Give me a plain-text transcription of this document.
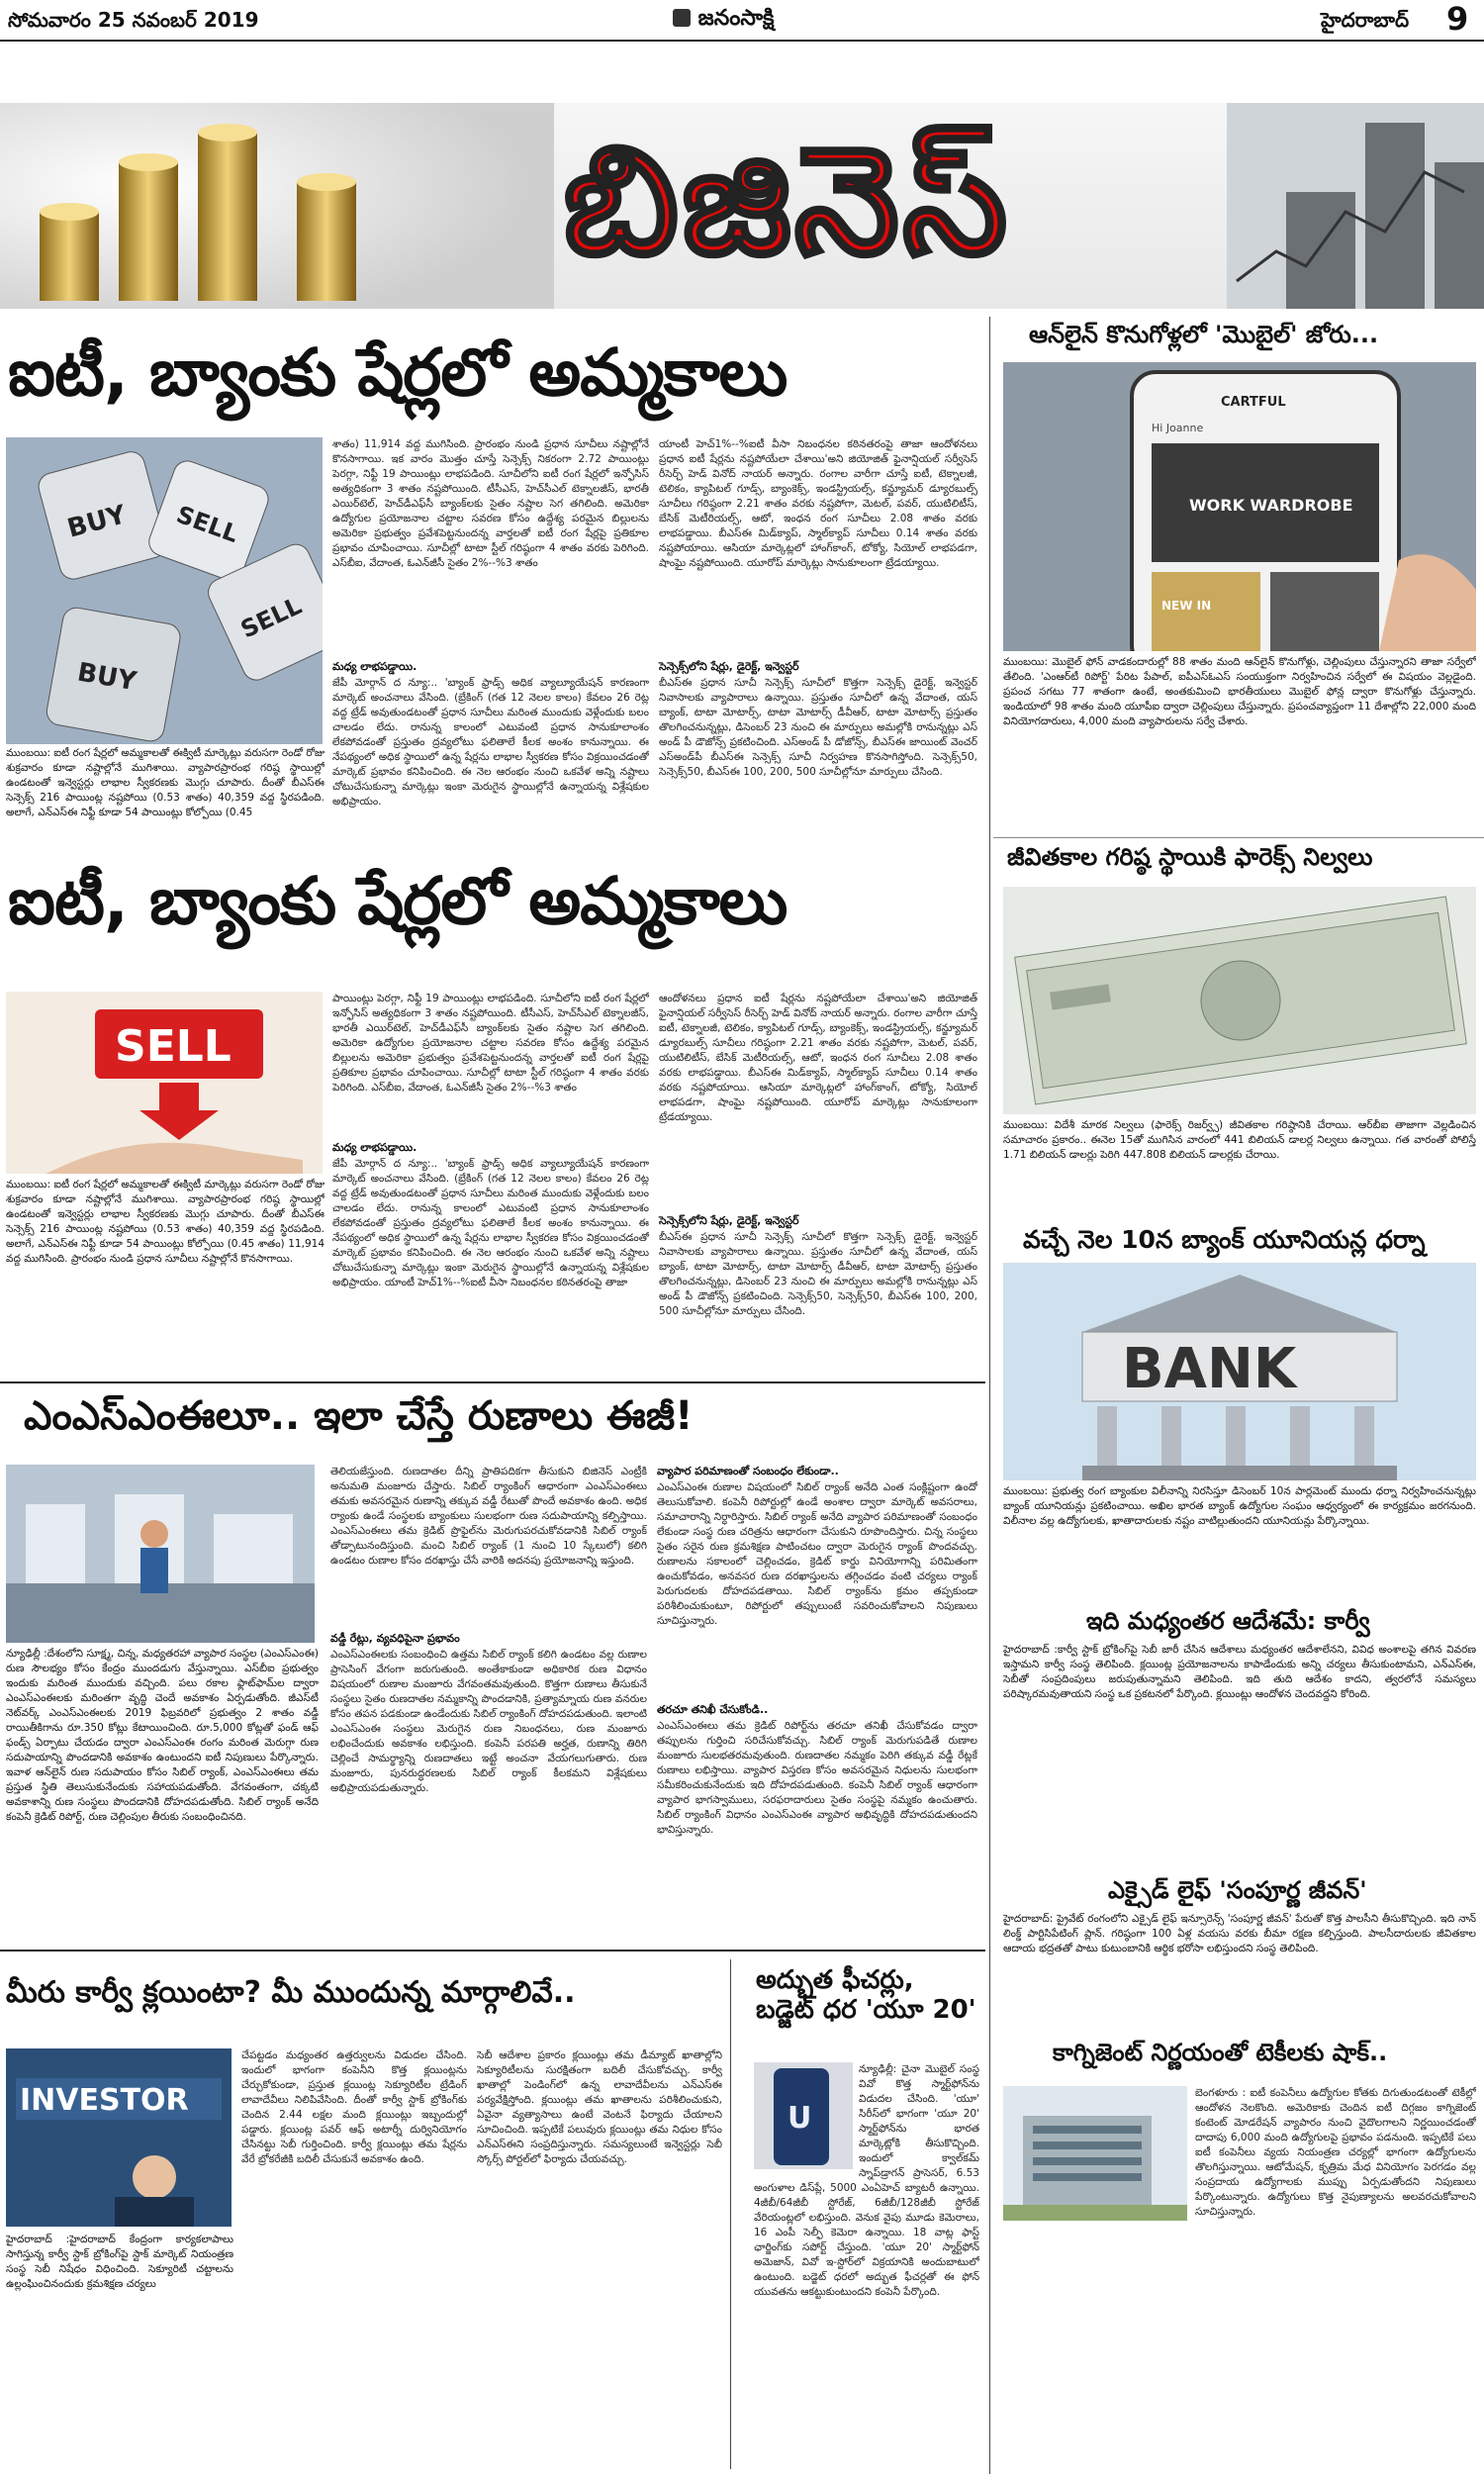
సోమవారం 25 నవంబర్ 2019	జనంసాక్షి	హైదరాబాద్ 9
బిజినెస్
ఐటీ, బ్యాంకు షేర్లలో అమ్మకాలు
BUY SELL
BUY
SELL
ముంబయి: ఐటీ రంగ షేర్లలో అమ్మకాలతో ఈక్విటీ మార్కెట్లు వరుసగా రెండో రోజు శుక్రవారం కూడా నష్టాల్లోనే ముగిశాయి. వ్యాపారప్రారంభ గరిష్ఠ స్థాయిల్లో ఉండటంతో ఇన్వెస్టర్లు లాభాల స్వీకరణకు మొగ్గు చూపారు. దీంతో బీఎస్‌ఈ సెన్సెక్స్‌ 216 పాయింట్ల నష్టపోయి (0.53 శాతం) 40,359 వద్ద స్థిరపడింది. అలాగే, ఎన్‌ఎస్‌ఈ నిఫ్టీ కూడా 54 పాయింట్లు కోల్పోయి (0.45
శాతం) 11,914 వద్ద ముగిసింది. ప్రారంభం నుండి ప్రధాన సూచీలు నష్టాల్లోనే కొనసాగాయి. ఇక వారం మొత్తం చూస్తే సెన్సెక్స్‌ నికరంగా 2.72 పాయింట్లు పెరగ్గా, నిఫ్టీ 19 పాయింట్లు లాభపడింది. సూచీలోని ఐటీ రంగ షేర్లలో ఇన్ఫోసిస్‌ అత్యధికంగా 3 శాతం నష్టపోయింది. టీసీఎస్‌, హెచ్‌సీఎల్‌ టెక్నాలజీస్‌, భారతీ ఎయిర్‌టెల్‌, హెచ్‌డీఎఫ్‌సీ బ్యాంక్‌లకు సైతం నష్టాల సెగ తగిలింది. అమెరికా ఉద్యోగుల ప్రయోజనాల చట్టాల సవరణ కోసం ఉద్దేశ్య పరమైన బిల్లులను అమెరికా ప్రభుత్వం ప్రవేశపెట్టనుందన్న వార్తలతో ఐటీ రంగ షేర్లపై ప్రతికూల ప్రభావం చూపించాయి. సూచీల్లో టాటా స్టీల్‌ గరిష్ఠంగా 4 శాతం వరకు పెరిగింది. ఎస్‌బీఐ, వేదాంత, ఓఎన్‌జీసీ సైతం 2%--%3 శాతం
మధ్య లాభపడ్డాయి.
జేపీ మోర్గాన్‌ ద న్యూ:.. 'బ్యాంక్‌ ఫ్రాడ్స్‌ అధిక వ్యాల్యూయేషన్‌ కారణంగా మార్కెట్‌ అంచనాలు వేసింది. (బ్రేకింగ్‌ (గత 12 నెలల కాలం) కేవలం 26 రెట్ల వద్ద ట్రేడ్‌ అవుతుండటంతో ప్రధాన సూచీలు మరింత ముందుకు వెళ్లేందుకు బలం చాలడం లేదు. రానున్న కాలంలో ఎటువంటి ప్రధాన సానుకూలాంశం లేకపోవడంతో ప్రస్తుతం ద్రవ్యలోటు ఫలితాలే కీలక అంశం కానున్నాయి. ఈ నేపథ్యంలో అధిక స్థాయిలో ఉన్న షేర్లను లాభాల స్వీకరణ కోసం విక్రయించడంతో మార్కెట్‌ ప్రభావం కనిపించింది. ఈ నెల ఆరంభం నుంచి ఒకవేళ అన్ని నష్టాలు చోటుచేసుకున్నా మార్కెట్లు ఇంకా మెరుగైన స్థాయిల్లోనే ఉన్నాయన్న విశ్లేషకుల అభిప్రాయం.
యాంటీ హెచ్‌1%--%ఐటీ వీసా నిబంధనల కఠినతరంపై తాజా ఆందోళనలు ప్రధాన ఐటీ షేర్లను నష్టపోయేలా చేశాయి'అని జియోజిత్‌ ఫైనాన్షియల్‌ సర్వీసెస్‌ రీసెర్చ్‌ హెడ్‌ వినోద్‌ నాయర్‌ అన్నారు. రంగాల వారీగా చూస్తే ఐటీ, టెక్నాలజీ, టెలికం, క్యాపిటల్‌ గూడ్స్‌, బ్యాంకెక్స్‌, ఇండస్ట్రియల్స్‌, కన్జ్యూమర్‌ డ్యూరబుల్స్‌ సూచీలు గరిష్ఠంగా 2.21 శాతం వరకు నష్టపోగా, మెటల్‌, పవర్‌, యుటిలిటీస్‌, బేసిక్‌ మెటీరియల్స్‌, ఆటో, ఇంధన రంగ సూచీలు 2.08 శాతం వరకు లాభపడ్డాయి. బీఎస్‌ఈ మిడ్‌క్యాప్‌, స్మాల్‌క్యాప్‌ సూచీలు 0.14 శాతం వరకు నష్టపోయాయి. ఆసియా మార్కెట్లలో హాంగ్‌కాంగ్‌, టోక్యో, సియోల్‌ లాభపడగా, షాంఘై నష్టపోయింది. యూరోప్‌ మార్కెట్లు సానుకూలంగా ట్రేడయ్యాయి.
సెన్సెక్స్‌లోని షేర్లు, డైరెక్ట్‌, ఇన్వెస్టర్‌
బీఎస్‌ఈ ప్రధాన సూచీ సెన్సెక్స్‌ సూచీలో కొత్తగా సెన్సెక్స్‌ డైరెక్ట్‌, ఇన్వెస్టర్‌ నివాసాలకు వ్యాపారాలు ఉన్నాయి. ప్రస్తుతం సూచీలో ఉన్న వేదాంత, యస్‌ బ్యాంక్‌, టాటా మోటార్స్‌, టాటా మోటార్స్‌ డీవీఆర్‌, టాటా మోటార్స్‌ ప్రస్తుతం తొలగించనున్నట్లు, డిసెంబర్‌ 23 నుంచి ఈ మార్పులు అమల్లోకి రానున్నట్లు ఎస్‌ అండ్‌ పీ డౌజోన్స్‌ ప్రకటించింది. ఎస్‌అండ్‌ పీ డోజోన్స్‌, బీఎస్‌ఈ జాయింట్‌ వెంచర్‌ ఎస్‌అండ్‌పీ బీఎస్‌ఈ సెన్సెక్స్‌ సూచీ నిర్వహణ కొనసాగిస్తోంది. సెన్సెక్స్‌50, సెన్సెక్స్‌50, బీఎస్‌ఈ 100, 200, 500 సూచీల్లోనూ మార్పులు చేసింది.
ఐటీ, బ్యాంకు షేర్లలో అమ్మకాలు
SELL
ముంబయి: ఐటీ రంగ షేర్లలో అమ్మకాలతో ఈక్విటీ మార్కెట్లు వరుసగా రెండో రోజు శుక్రవారం కూడా నష్టాల్లోనే ముగిశాయి. వ్యాపారప్రారంభ గరిష్ఠ స్థాయిల్లో ఉండటంతో ఇన్వెస్టర్లు లాభాల స్వీకరణకు మొగ్గు చూపారు. దీంతో బీఎస్‌ఈ సెన్సెక్స్‌ 216 పాయింట్ల నష్టపోయి (0.53 శాతం) 40,359 వద్ద స్థిరపడింది. అలాగే, ఎన్‌ఎస్‌ఈ నిఫ్టీ కూడా 54 పాయింట్లు కోల్పోయి (0.45 శాతం) 11,914 వద్ద ముగిసింది. ప్రారంభం నుండి ప్రధాన సూచీలు నష్టాల్లోనే కొనసాగాయి.
పాయింట్లు పెరగ్గా, నిఫ్టీ 19 పాయింట్లు లాభపడింది. సూచీలోని ఐటీ రంగ షేర్లలో ఇన్ఫోసిస్‌ అత్యధికంగా 3 శాతం నష్టపోయింది. టీసీఎస్‌, హెచ్‌సీఎల్‌ టెక్నాలజీస్‌, భారతీ ఎయిర్‌టెల్‌, హెచ్‌డీఎఫ్‌సీ బ్యాంక్‌లకు సైతం నష్టాల సెగ తగిలింది. అమెరికా ఉద్యోగుల ప్రయోజనాల చట్టాల సవరణ కోసం ఉద్దేశ్య పరమైన బిల్లులను అమెరికా ప్రభుత్వం ప్రవేశపెట్టనుందన్న వార్తలతో ఐటీ రంగ షేర్లపై ప్రతికూల ప్రభావం చూపించాయి. సూచీల్లో టాటా స్టీల్‌ గరిష్ఠంగా 4 శాతం వరకు పెరిగింది. ఎస్‌బీఐ, వేదాంత, ఓఎన్‌జీసీ సైతం 2%--%3 శాతం
మధ్య లాభపడ్డాయి.
జేపీ మోర్గాన్‌ ద న్యూ:.. 'బ్యాంక్‌ ఫ్రాడ్స్‌ అధిక వ్యాల్యూయేషన్‌ కారణంగా మార్కెట్‌ అంచనాలు వేసింది. (బ్రేకింగ్‌ (గత 12 నెలల కాలం) కేవలం 26 రెట్ల వద్ద ట్రేడ్‌ అవుతుండటంతో ప్రధాన సూచీలు మరింత ముందుకు వెళ్లేందుకు బలం చాలడం లేదు. రానున్న కాలంలో ఎటువంటి ప్రధాన సానుకూలాంశం లేకపోవడంతో ప్రస్తుతం ద్రవ్యలోటు ఫలితాలే కీలక అంశం కానున్నాయి. ఈ నేపథ్యంలో అధిక స్థాయిలో ఉన్న షేర్లను లాభాల స్వీకరణ కోసం విక్రయించడంతో మార్కెట్‌ ప్రభావం కనిపించింది. ఈ నెల ఆరంభం నుంచి ఒకవేళ అన్ని నష్టాలు చోటుచేసుకున్నా మార్కెట్లు ఇంకా మెరుగైన స్థాయిల్లోనే ఉన్నాయన్న విశ్లేషకుల అభిప్రాయం. యాంటీ హెచ్‌1%--%ఐటీ వీసా నిబంధనల కఠినతరంపై తాజా
ఆందోళనలు ప్రధాన ఐటీ షేర్లను నష్టపోయేలా చేశాయి'అని జియోజిత్‌ ఫైనాన్షియల్‌ సర్వీసెస్‌ రీసెర్చ్‌ హెడ్‌ వినోద్‌ నాయర్‌ అన్నారు. రంగాల వారీగా చూస్తే ఐటీ, టెక్నాలజీ, టెలికం, క్యాపిటల్‌ గూడ్స్‌, బ్యాంకెక్స్‌, ఇండస్ట్రియల్స్‌, కన్జ్యూమర్‌ డ్యూరబుల్స్‌ సూచీలు గరిష్ఠంగా 2.21 శాతం వరకు నష్టపోగా, మెటల్‌, పవర్‌, యుటిలిటీస్‌, బేసిక్‌ మెటీరియల్స్‌, ఆటో, ఇంధన రంగ సూచీలు 2.08 శాతం వరకు లాభపడ్డాయి. బీఎస్‌ఈ మిడ్‌క్యాప్‌, స్మాల్‌క్యాప్‌ సూచీలు 0.14 శాతం వరకు నష్టపోయాయి. ఆసియా మార్కెట్లలో హాంగ్‌కాంగ్‌, టోక్యో, సియోల్‌ లాభపడగా, షాంఘై నష్టపోయింది. యూరోప్‌ మార్కెట్లు సానుకూలంగా ట్రేడయ్యాయి.
సెన్సెక్స్‌లోని షేర్లు, డైరెక్ట్‌, ఇన్వెస్టర్‌
బీఎస్‌ఈ ప్రధాన సూచీ సెన్సెక్స్‌ సూచీలో కొత్తగా సెన్సెక్స్‌ డైరెక్ట్‌, ఇన్వెస్టర్‌ నివాసాలకు వ్యాపారాలు ఉన్నాయి. ప్రస్తుతం సూచీలో ఉన్న వేదాంత, యస్‌ బ్యాంక్‌, టాటా మోటార్స్‌, టాటా మోటార్స్‌ డీవీఆర్‌, టాటా మోటార్స్‌ ప్రస్తుతం తొలగించనున్నట్లు, డిసెంబర్‌ 23 నుంచి ఈ మార్పులు అమల్లోకి రానున్నట్లు ఎస్‌ అండ్‌ పీ డౌజోన్స్‌ ప్రకటించింది. సెన్సెక్స్‌50, సెన్సెక్స్‌50, బీఎస్‌ఈ 100, 200, 500 సూచీల్లోనూ మార్పులు చేసింది.
ఎంఎస్‌ఎంఈలూ.. ఇలా చేస్తే రుణాలు ఈజీ!
న్యూఢిల్లీ :దేశంలోని సూక్ష్మ, చిన్న, మధ్యతరహా వ్యాపార సంస్థల (ఎంఎస్‌ఎంఈ) రుణ సౌలభ్యం కోసం కేంద్రం ముందడుగు వేస్తున్నాయి. ఎస్‌బీఐ ప్రభుత్వం ఇందుకు మరింత ముందుకు వచ్చింది. పలు రకాల ఫ్లాట్‌ఫామ్‌ల ద్వారా ఎంఎస్‌ఎంఈలకు మరింతగా వృద్ధి చెందే అవకాశం ఏర్పడుతోంది. జీఎస్‌టీ నెట్‌వర్క్‌ ఎంఎస్‌ఎంఈలకు 2019 ఫిబ్రవరిలో ప్రభుత్వం 2 శాతం వడ్డీ రాయితీకిగాను రూ.350 కోట్లు కేటాయించింది. రూ.5,000 కోట్లతో ఫండ్‌ ఆఫ్‌ ఫండ్స్‌ ఏర్పాటు చేయడం ద్వారా ఎంఎస్‌ఎంఈ రంగం మరింత మెరుగ్గా రుణ సదుపాయాన్ని పొందడానికి అవకాశం ఉంటుందని ఐటీ నిపుణులు పేర్కొన్నారు. ఇవాళ ఆన్‌లైన్‌ రుణ సదుపాయం కోసం సిబిల్‌ ర్యాంక్‌, ఎంఎస్‌ఎంఈలు తమ ప్రస్తుత స్థితి తెలుసుకునేందుకు సహాయపడుతోంది. వేగవంతంగా, చక్కటి అవకాశాన్ని రుణ సంస్థలు పొందడానికి దోహదపడుతోంది. సిబిల్‌ ర్యాంక్‌ అనేది కంపెనీ క్రెడిట్‌ రిపోర్ట్‌, రుణ చెల్లింపుల తీరుకు సంబంధించినది.
తెలియజేస్తుంది. రుణదాతల దీన్ని ప్రాతిపదికగా తీసుకుని బిజినెస్‌ ఎంట్రీకి అనుమతి మంజూరు చేస్తారు. సిబిల్‌ ర్యాంకింగ్‌ ఆధారంగా ఎంఎస్‌ఎంఈలు తమకు అవసరమైన రుణాన్ని తక్కువ వడ్డీ రేటుతో పొందే అవకాశం ఉంది. అధిక ర్యాంకు ఉండే సంస్థలకు బ్యాంకులు సులభంగా రుణ సదుపాయాన్ని కల్పిస్తాయి. ఎంఎస్‌ఎంఈలు తమ క్రెడిట్‌ ప్రొఫైల్‌ను మెరుగుపరచుకోవడానికి సిబిల్‌ ర్యాంక్‌ తోడ్పాటునందిస్తుంది. మంచి సిబిల్‌ ర్యాంక్‌ (1 నుంచి 10 స్కేలులో) కలిగి ఉండటం రుణాల కోసం దరఖాస్తు చేసే వారికి అదనపు ప్రయోజనాన్ని ఇస్తుంది.
వడ్డీ రేట్లు, వ్యవధిపైనా ప్రభావం
ఎంఎస్‌ఎంఈలకు సంబంధించి ఉత్తమ సిబిల్‌ ర్యాంక్‌ కలిగి ఉండటం వల్ల రుణాల ప్రాసెసింగ్‌ వేగంగా జరుగుతుంది. అంతేకాకుండా అధికారిక రుణ విధానం విషయంలో రుణాల మంజూరు వేగవంతమవుతుంది. కొత్తగా రుణాలు తీసుకునే సంస్థలు సైతం రుణదాతల నమ్మకాన్ని పొందడానికి, ప్రత్యామ్నాయ రుణ వనరుల కోసం తపన పడకుండా ఉండేందుకు సిబిల్‌ ర్యాంకింగ్‌ దోహదపడుతుంది. ఇలాంటి ఎంఎస్‌ఎంఈ సంస్థలు మెరుగైన రుణ నిబంధనలు, రుణ మంజూరు లభించేందుకు అవకాశం లభిస్తుంది. కంపెనీ పరపతి అర్హత, రుణాన్ని తిరిగి చెల్లించే సామర్థ్యాన్ని రుణదాతలు ఇట్టే అంచనా వేయగలుగుతారు. రుణ మంజూరు, పునరుద్ధరణలకు సిబిల్‌ ర్యాంక్‌ కీలకమని విశ్లేషకులు అభిప్రాయపడుతున్నారు.
వ్యాపార పరిమాణంతో సంబంధం లేకుండా..
ఎంఎస్‌ఎంఈ రుణాల విషయంలో సిబిల్‌ ర్యాంక్‌ అనేది ఎంత సంక్లిష్టంగా ఉందో తెలుసుకోవాలి. కంపెనీ రిపోర్టుల్లో ఉండే అంశాల ద్వారా మార్కెట్‌ అవసరాలు, సమాచారాన్ని నిర్ధారిస్తారు. సిబిల్‌ ర్యాంక్‌ అనేది వ్యాపార పరిమాణంతో సంబంధం లేకుండా సంస్థ రుణ చరిత్రను ఆధారంగా చేసుకుని రూపొందిస్తారు. చిన్న సంస్థలు సైతం సరైన రుణ క్రమశిక్షణ పాటించటం ద్వారా మెరుగైన ర్యాంక్‌ పొందవచ్చు. రుణాలను సకాలంలో చెల్లించడం, క్రెడిట్‌ కార్డు వినియోగాన్ని పరిమితంగా ఉంచుకోవడం, అనవసర రుణ దరఖాస్తులను తగ్గించడం వంటి చర్యలు ర్యాంక్‌ పెరుగుదలకు దోహదపడతాయి. సిబిల్‌ ర్యాంక్‌ను క్రమం తప్పకుండా పరిశీలించుకుంటూ, రిపోర్టులో తప్పులుంటే సవరించుకోవాలని నిపుణులు సూచిస్తున్నారు.
తరచూ తనిఖీ చేసుకోండి..
ఎంఎస్‌ఎంఈలు తమ క్రెడిట్‌ రిపోర్ట్‌ను తరచూ తనిఖీ చేసుకోవడం ద్వారా తప్పులను గుర్తించి సరిచేసుకోవచ్చు. సిబిల్‌ ర్యాంక్‌ మెరుగుపడితే రుణాల మంజూరు సులభతరమవుతుంది. రుణదాతల నమ్మకం పెరిగి తక్కువ వడ్డీ రేట్లకే రుణాలు లభిస్తాయి. వ్యాపార విస్తరణ కోసం అవసరమైన నిధులను సులభంగా సమీకరించుకునేందుకు ఇది దోహదపడుతుంది. కంపెనీ సిబిల్‌ ర్యాంక్‌ ఆధారంగా వ్యాపార భాగస్వాములు, సరఫరాదారులు సైతం సంస్థపై నమ్మకం ఉంచుతారు. సిబిల్‌ ర్యాంకింగ్‌ విధానం ఎంఎస్‌ఎంఈ వ్యాపార అభివృద్ధికి దోహదపడుతుందని భావిస్తున్నారు.
మీరు కార్వీ క్లయింటా? మీ ముందున్న మార్గాలివే..
INVESTOR
హైదరాబాద్‌ :హైదరాబాద్‌ కేంద్రంగా కార్యకలాపాలు సాగిస్తున్న కార్వీ స్టాక్‌ బ్రోకింగ్‌పై స్టాక్‌ మార్కెట్‌ నియంత్రణ సంస్థ సెబీ నిషేధం విధించింది. సెక్యూరిటీ చట్టాలను ఉల్లంఘించినందుకు క్రమశిక్షణ చర్యలు
చేపట్టడం మధ్యంతర ఉత్తర్వులను విడుదల చేసింది. ఇందులో భాగంగా కంపెనీని కొత్త క్లయింట్లను చేర్చుకోకుండా, ప్రస్తుత క్లయింట్ల సెక్యూరిటీల ట్రేడింగ్‌ లావాదేవీలు నిలిపివేసింది. దీంతో కార్వీ స్టాక్‌ బ్రోకింగ్‌కు చెందిన 2.44 లక్షల మంది క్లయింట్లు ఇబ్బందుల్లో పడ్డారు. క్లయింట్ల పవర్‌ ఆఫ్‌ అటార్నీ దుర్వినియోగం చేసినట్టు సెబీ గుర్తించింది. కార్వీ క్లయింట్లు తమ షేర్లను వేరే బ్రోకరేజీకి బదిలీ చేసుకునే అవకాశం ఉంది.
సెబీ ఆదేశాల ప్రకారం క్లయింట్లు తమ డీమ్యాట్‌ ఖాతాల్లోని సెక్యూరిటీలను సురక్షితంగా బదిలీ చేసుకోవచ్చు. కార్వీ ఖాతాల్లో పెండింగ్‌లో ఉన్న లావాదేవీలను ఎన్‌ఎస్‌ఈ పర్యవేక్షిస్తోంది. క్లయింట్లు తమ ఖాతాలను పరిశీలించుకుని, ఏవైనా వ్యత్యాసాలు ఉంటే వెంటనే ఫిర్యాదు చేయాలని సూచించింది. ఇప్పటికే పలువురు క్లయింట్లు తమ నిధుల కోసం ఎన్‌ఎస్‌ఈని సంప్రదిస్తున్నారు. సమస్యలుంటే ఇన్వెస్టర్లు సెబీ స్కోర్స్‌ పోర్టల్‌లో ఫిర్యాదు చేయవచ్చు.
అద్భుత ఫీచర్లు, బడ్జెట్‌ ధర 'యూ 20'
U
న్యూఢిల్లీ: చైనా మొబైల్‌ సంస్థ వివో కొత్త స్మార్ట్‌ఫోన్‌ను విడుదల చేసింది. 'యూ' సిరీస్‌లో భాగంగా 'యూ 20' స్మార్ట్‌ఫోన్‌ను భారత మార్కెట్లోకి తీసుకొచ్చింది. ఇందులో క్వాల్‌కమ్‌ స్నాప్‌డ్రాగన్‌ ప్రాసెసర్‌, 6.53 అంగుళాల డిస్‌ప్లే, 5000 ఎంఏహెచ్‌ బ్యాటరీ ఉన్నాయి. 4జీబీ/64జీబీ స్టోరేజ్‌, 6జీబీ/128జీబీ స్టోరేజ్‌ వేరియంట్లలో లభిస్తుంది. వెనుక వైపు మూడు కెమెరాలు, 16 ఎంపీ సెల్ఫీ కెమెరా ఉన్నాయి. 18 వాట్ల ఫాస్ట్‌ ఛార్జింగ్‌కు సపోర్ట్‌ చేస్తుంది. 'యూ 20' స్మార్ట్‌ఫోన్‌ అమెజాన్‌, వివో ఇ-స్టోర్‌లో విక్రయానికి అందుబాటులో ఉంటుంది. బడ్జెట్‌ ధరలో అద్భుత ఫీచర్లతో ఈ ఫోన్‌ యువతను ఆకట్టుకుంటుందని కంపెనీ పేర్కొంది.
ఆన్‌లైన్‌ కొనుగోళ్లలో 'మొబైల్‌' జోరు...
CARTFUL
Hi Joanne
WORK WARDROBE
NEW IN
ముంబయి: మొబైల్‌ ఫోన్‌ వాడకందారుల్లో 88 శాతం మంది ఆన్‌లైన్‌ కొనుగోళ్లు, చెల్లింపులు చేస్తున్నారని తాజా సర్వేలో తేలింది. 'ఎంఆర్‌టీ రిపోర్ట్‌' పేరిట పేపాల్‌, ఐపీఎస్‌ఓఎస్‌ సంయుక్తంగా నిర్వహించిన సర్వేలో ఈ విషయం వెల్లడైంది. ప్రపంచ సగటు 77 శాతంగా ఉంటే, అంతకుమించి భారతీయులు మొబైల్‌ ఫోన్ల ద్వారా కొనుగోళ్లు చేస్తున్నారు. ఇండియాలో 98 శాతం మంది యూపీఐ ద్వారా చెల్లింపులు చేస్తున్నారు. ప్రపంచవ్యాప్తంగా 11 దేశాల్లోని 22,000 మంది వినియోగదారులు, 4,000 మంది వ్యాపారులను సర్వే చేశారు.
జీవితకాల గరిష్ఠ స్థాయికి ఫారెక్స్‌ నిల్వలు
ముంబయి: విదేశీ మారక నిల్వలు (ఫారెక్స్‌ రిజర్వ్స్‌) జీవితకాల గరిష్ఠానికి చేరాయి. ఆర్‌బీఐ తాజాగా వెల్లడించిన సమాచారం ప్రకారం.. ఈనెల 15తో ముగిసిన వారంలో 441 బిలియన్‌ డాలర్ల నిల్వలు ఉన్నాయి. గత వారంతో పోలిస్తే 1.71 బిలియన్‌ డాలర్లు పెరిగి 447.808 బిలియన్‌ డాలర్లకు చేరాయి.
వచ్చే నెల 10న బ్యాంక్‌ యూనియన్ల ధర్నా
BANK
ముంబయి: ప్రభుత్వ రంగ బ్యాంకుల విలీనాన్ని నిరసిస్తూ డిసెంబర్‌ 10న పార్లమెంట్‌ ముందు ధర్నా నిర్వహించనున్నట్లు బ్యాంక్‌ యూనియన్లు ప్రకటించాయి. అఖిల భారత బ్యాంక్‌ ఉద్యోగుల సంఘం ఆధ్వర్యంలో ఈ కార్యక్రమం జరగనుంది. విలీనాల వల్ల ఉద్యోగులకు, ఖాతాదారులకు నష్టం వాటిల్లుతుందని యూనియన్లు పేర్కొన్నాయి.
ఇది మధ్యంతర ఆదేశమే: కార్వీ
హైదరాబాద్‌ :కార్వీ స్టాక్‌ బ్రోకింగ్‌పై సెబీ జారీ చేసిన ఆదేశాలు మధ్యంతర ఆదేశాలేనని, వివిధ అంశాలపై తగిన వివరణ ఇస్తామని కార్వీ సంస్థ తెలిపింది. క్లయింట్ల ప్రయోజనాలను కాపాడేందుకు అన్ని చర్యలు తీసుకుంటామని, ఎన్‌ఎస్‌ఈ, సెబీతో సంప్రదింపులు జరుపుతున్నామని తెలిపింది. ఇది తుది ఆదేశం కాదని, త్వరలోనే సమస్యలు పరిష్కారమవుతాయని సంస్థ ఒక ప్రకటనలో పేర్కొంది. క్లయింట్లు ఆందోళన చెందవద్దని కోరింది.
ఎక్సైడ్‌ లైఫ్‌ 'సంపూర్ణ జీవన్‌'
హైదరాబాద్‌: ప్రైవేట్‌ రంగంలోని ఎక్సైడ్‌ లైఫ్‌ ఇన్సూరెన్స్‌ 'సంపూర్ణ జీవన్‌' పేరుతో కొత్త పాలసీని తీసుకొచ్చింది. ఇది నాన్‌ లింక్డ్‌ పార్టిసిపేటింగ్‌ ప్లాన్‌. గరిష్ఠంగా 100 ఏళ్ల వయసు వరకు బీమా రక్షణ కల్పిస్తుంది. పాలసీదారులకు జీవితకాల ఆదాయ భద్రతతో పాటు కుటుంబానికి ఆర్థిక భరోసా లభిస్తుందని సంస్థ తెలిపింది.
కాగ్నిజెంట్‌ నిర్ణయంతో టెకీలకు షాక్‌..
బెంగళూరు : ఐటీ కంపెనీలు ఉద్యోగుల కోతకు దిగుతుండటంతో టెకీల్లో ఆందోళన నెలకొంది. అమెరికాకు చెందిన ఐటీ దిగ్గజం కాగ్నిజెంట్‌ కంటెంట్‌ మోడరేషన్‌ వ్యాపారం నుంచి వైదొలగాలని నిర్ణయించడంతో దాదాపు 6,000 మంది ఉద్యోగులపై ప్రభావం పడనుంది. ఇప్పటికే పలు ఐటీ కంపెనీలు వ్యయ నియంత్రణ చర్యల్లో భాగంగా ఉద్యోగులను తొలగిస్తున్నాయి. ఆటోమేషన్‌, కృత్రిమ మేధ వినియోగం పెరగడం వల్ల సంప్రదాయ ఉద్యోగాలకు ముప్పు ఏర్పడుతోందని నిపుణులు పేర్కొంటున్నారు. ఉద్యోగులు కొత్త నైపుణ్యాలను అలవరచుకోవాలని సూచిస్తున్నారు.
